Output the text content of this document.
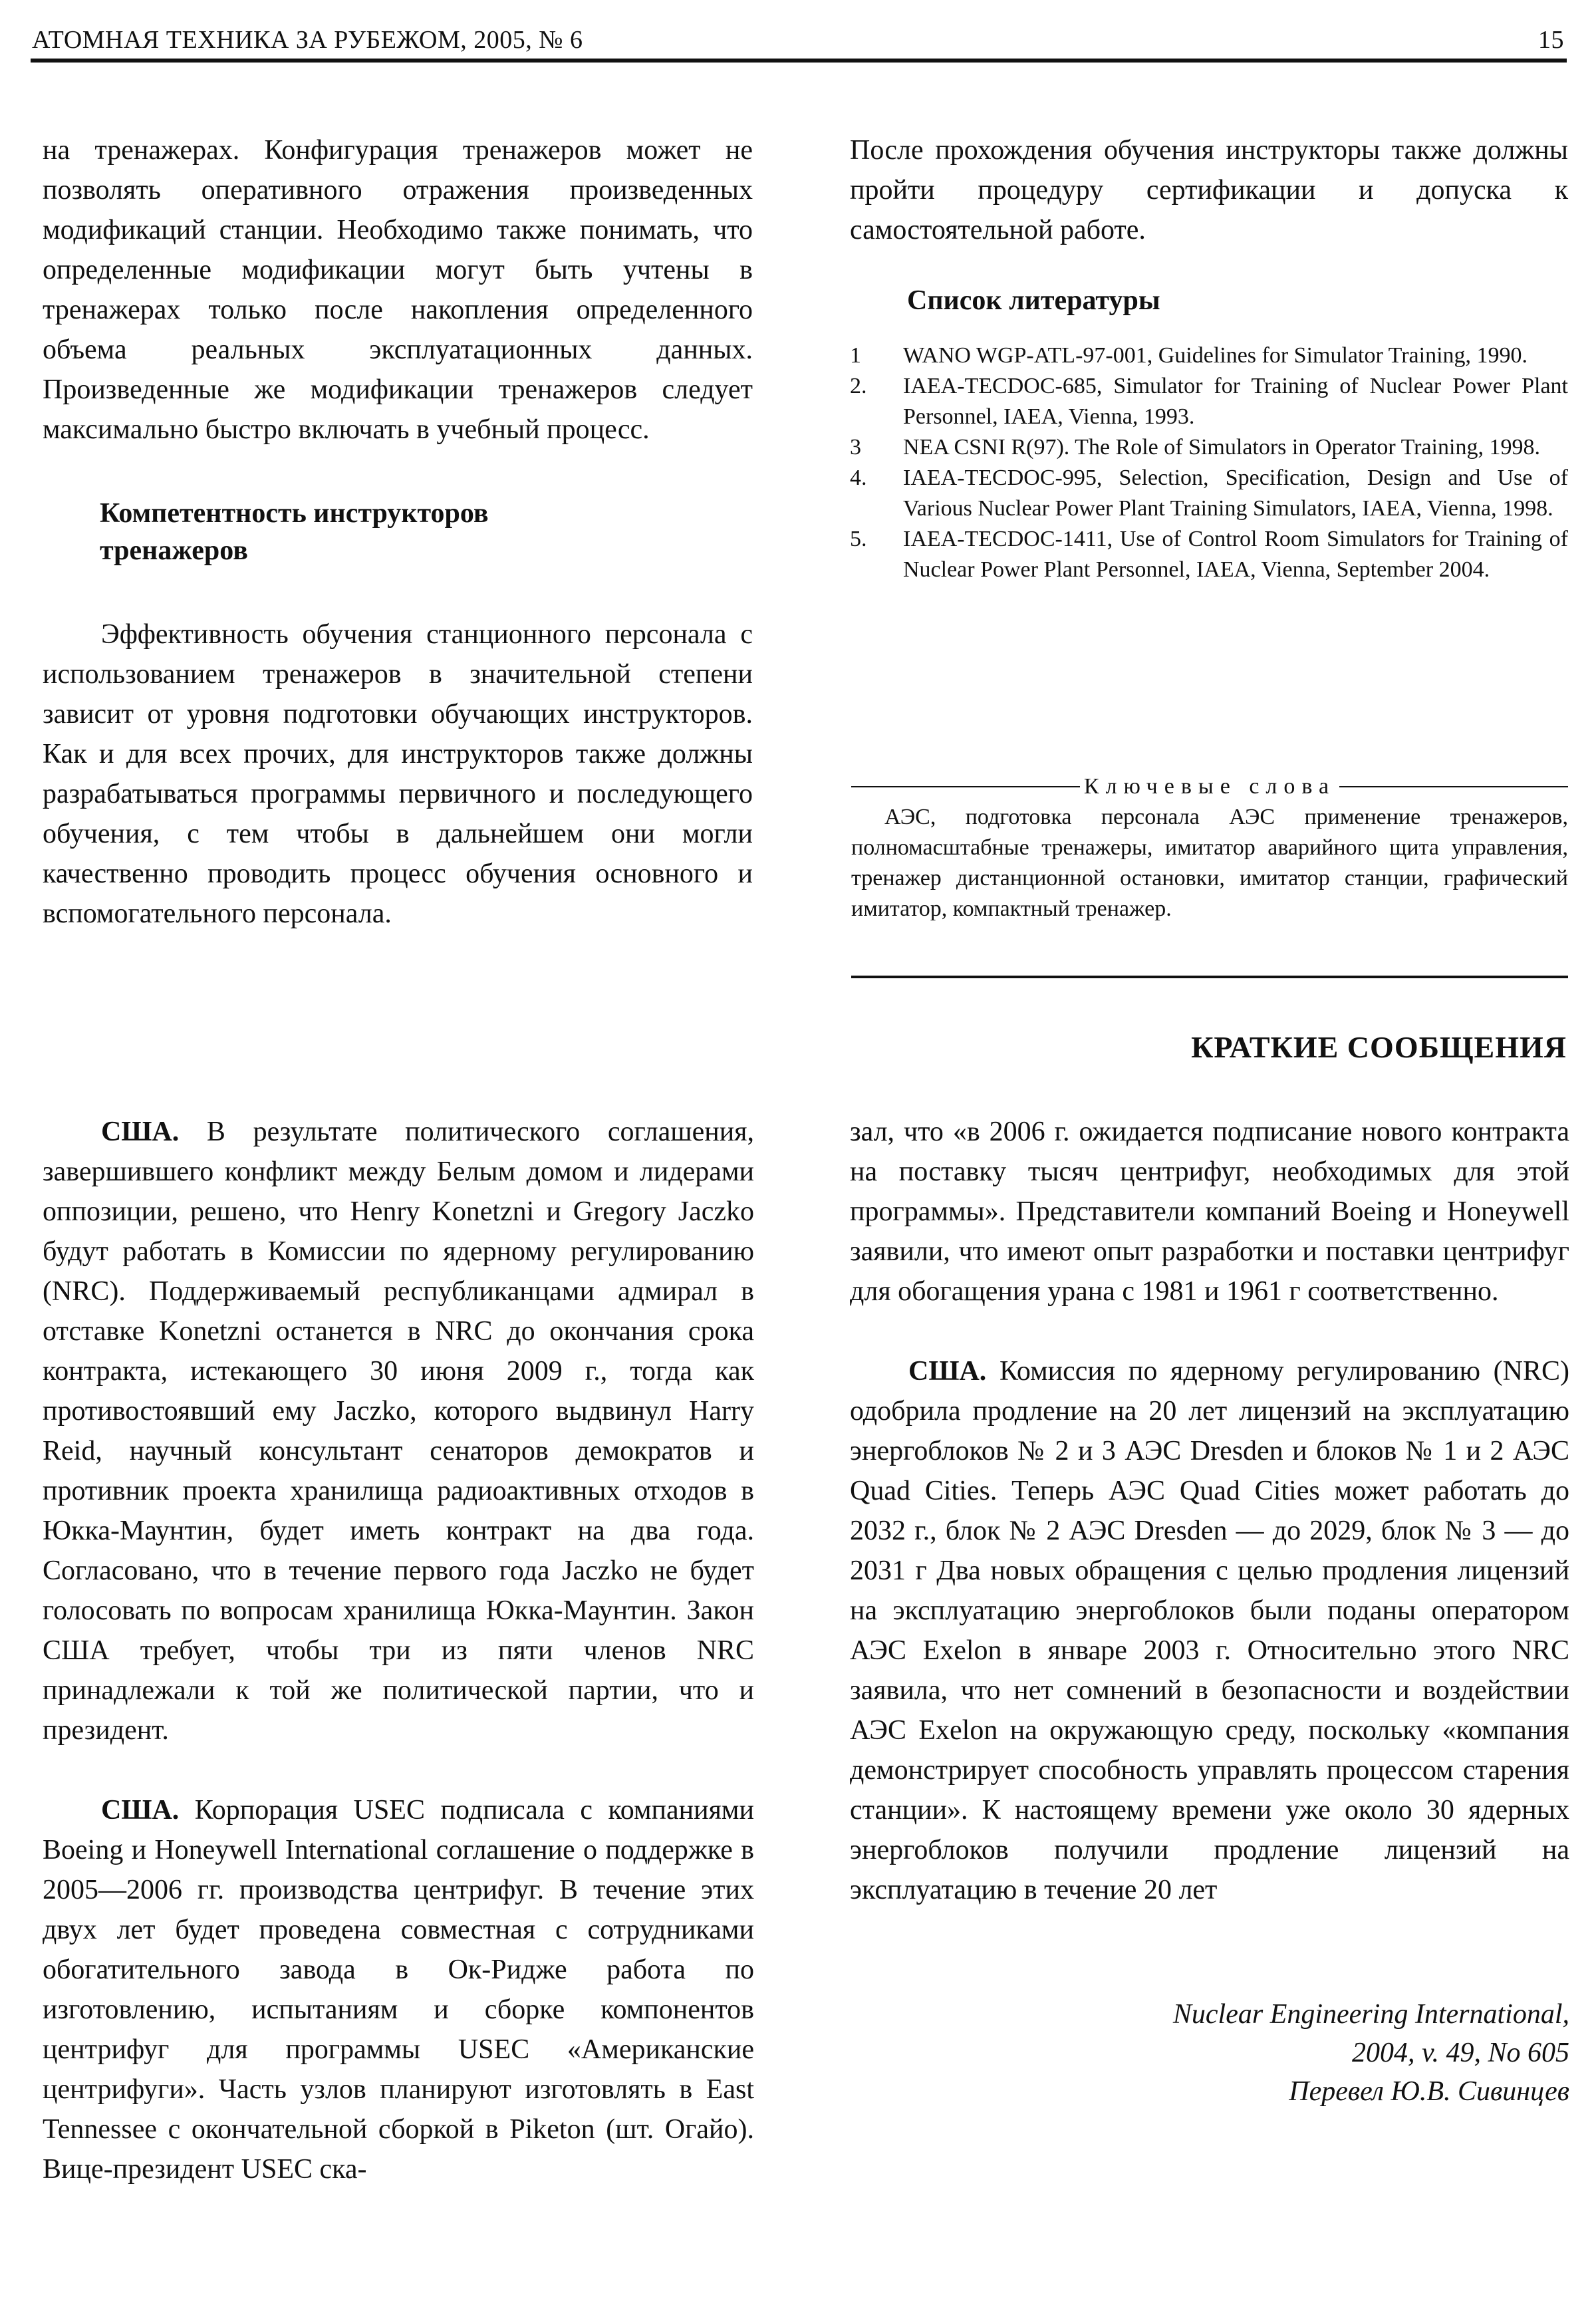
АТОМНАЯ ТЕХНИКА ЗА РУБЕЖОМ, 2005, № 6	15

на тренажерах. Конфигурация тренажеров может не позволять оперативного отражения произведенных модификаций станции. Необходимо также понимать, что определенные модификации могут быть учтены в тренажерах только после накопления определенного объема реальных эксплуатационных данных. Произведенные же модификации тренажеров следует максимально быстро включать в учебный процесс.

Компетентность инструкторов тренажеров

Эффективность обучения станционного персонала с использованием тренажеров в значительной степени зависит от уровня подготовки обучающих инструкторов. Как и для всех прочих, для инструкторов также должны разрабатываться программы первичного и последующего обучения, с тем чтобы в дальнейшем они могли качественно проводить процесс обучения основного и вспомогательного персонала.

После прохождения обучения инструкторы также должны пройти процедуру сертификации и допуска к самостоятельной работе.

Список литературы

1	WANO WGP-ATL-97-001, Guidelines for Simulator Training, 1990.
2.	IAEA-TECDOC-685, Simulator for Training of Nuclear Power Plant Personnel, IAEA, Vienna, 1993.
3	NEA CSNI R(97). The Role of Simulators in Operator Training, 1998.
4.	IAEA-TECDOC-995, Selection, Specification, Design and Use of Various Nuclear Power Plant Training Simulators, IAEA, Vienna, 1998.
5.	IAEA-TECDOC-1411, Use of Control Room Simulators for Training of Nuclear Power Plant Personnel, IAEA, Vienna, September 2004.
Ключевые слова
АЭС, подготовка персонала АЭС применение тренажеров, полномасштабные тренажеры, имитатор аварийного щита управления, тренажер дистанционной остановки, имитатор станции, графический имитатор, компактный тренажер.
КРАТКИЕ СООБЩЕНИЯ

США. В результате политического соглашения, завершившего конфликт между Белым домом и лидерами оппозиции, решено, что Henry Konetzni и Gregory Jaczko будут работать в Комиссии по ядерному регулированию (NRC). Поддерживаемый республиканцами адмирал в отставке Konetzni останется в NRC до окончания срока контракта, истекающего 30 июня 2009 г., тогда как противостоявший ему Jaczko, которого выдвинул Harry Reid, научный консультант сенаторов демократов и противник проекта хранилища радиоактивных отходов в Юкка-Маунтин, будет иметь контракт на два года. Согласовано, что в течение первого года Jaczko не будет голосовать по вопросам хранилища Юкка-Маунтин. Закон США требует, чтобы три из пяти членов NRC принадлежали к той же политической партии, что и президент.

США. Корпорация USEC подписала с компаниями Boeing и Honeywell International соглашение о поддержке в 2005—2006 гг. производства центрифуг. В течение этих двух лет будет проведена совместная с сотрудниками обогатительного завода в Ок-Ридже работа по изготовлению, испытаниям и сборке компонентов центрифуг для программы USEC «Американские центрифуги». Часть узлов планируют изготовлять в East Tennessee с окончательной сборкой в Piketon (шт. Огайо). Вице-президент USEC ска-

зал, что «в 2006 г. ожидается подписание нового контракта на поставку тысяч центрифуг, необходимых для этой программы». Представители компаний Boeing и Honeywell заявили, что имеют опыт разработки и поставки центрифуг для обогащения урана с 1981 и 1961 г соответственно.

США. Комиссия по ядерному регулированию (NRC) одобрила продление на 20 лет лицензий на эксплуатацию энергоблоков № 2 и 3 АЭС Dresden и блоков № 1 и 2 АЭС Quad Cities. Теперь АЭС Quad Cities может работать до 2032 г., блок № 2 АЭС Dresden — до 2029, блок № 3 — до 2031 г Два новых обращения с целью продления лицензий на эксплуатацию энергоблоков были поданы оператором АЭС Exelon в январе 2003 г. Относительно этого NRC заявила, что нет сомнений в безопасности и воздействии АЭС Exelon на окружающую среду, поскольку «компания демонстрирует способность управлять процессом старения станции». К настоящему времени уже около 30 ядерных энергоблоков получили продление лицензий на эксплуатацию в течение 20 лет

Nuclear Engineering International,
2004, v. 49, No 605
Перевел Ю.В. Сивинцев
